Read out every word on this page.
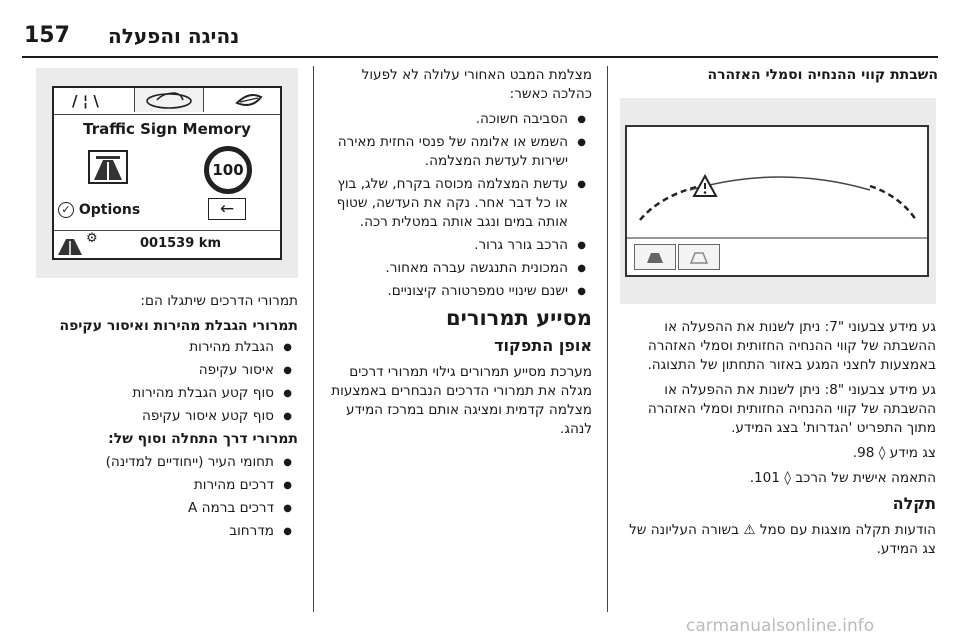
157 נהיגה והפעלה
השבתת קווי ההנחיה וסמלי האזהרה

גע מידע צבעוני "7: ניתן לשנות את ההפעלה או ההשבתה של קווי ההנחיה החזותית וסמלי האזהרה באמצעות לחצני המגע באזור התחתון של התצוגה.

גע מידע צבעוני "8: ניתן לשנות את ההפעלה או ההשבתה של קווי ההנחיה החזותית וסמלי האזהרה מתוך התפריט 'הגדרות' בצג המידע.

צג מידע ◊ 98.

התאמה אישית של הרכב ◊ 101.

תקלה

הודעות תקלה מוצגות עם סמל ⚠ בשורה העליונה של צג המידע.

מצלמת המבט האחורי עלולה לא לפעול כהלכה כאשר:

● הסביבה חשוכה.
● השמש או אלומה של פנסי החזית מאירה ישירות לעדשת המצלמה.
● עדשת המצלמה מכוסה בקרח, שלג, בוץ או כל דבר אחר. נקה את העדשה, שטוף אותה במים ונגב אותה במטלית רכה.
● הרכב גורר גרור.
● המכונית התנגשה עברה מאחור.
● ישנם שינויי טמפרטורה קיצוניים.
מסייע תמרורים
אופן התפקוד

מערכת מסייע תמרורים גילוי תמרורי דרכים מגלה את תמרורי הדרכים הנבחרים באמצעות מצלמה קדמית ומציגה אותם במרכז המידע לנהג.

/ ¦ \
Traffic Sign Memory
100
✓ Options	←
⚙	001539 km

תמרורי הדרכים שיתגלו הם:

תמרורי הגבלת מהירות ואיסור עקיפה
● הגבלת מהירות
● איסור עקיפה
● סוף קטע הגבלת מהירות
● סוף קטע איסור עקיפה
תמרורי דרך התחלה וסוף של:
● תחומי העיר (ייחודיים למדינה)
● דרכים מהירות
● דרכים ברמה A
● מדרחוב
carmanualsonline.info
